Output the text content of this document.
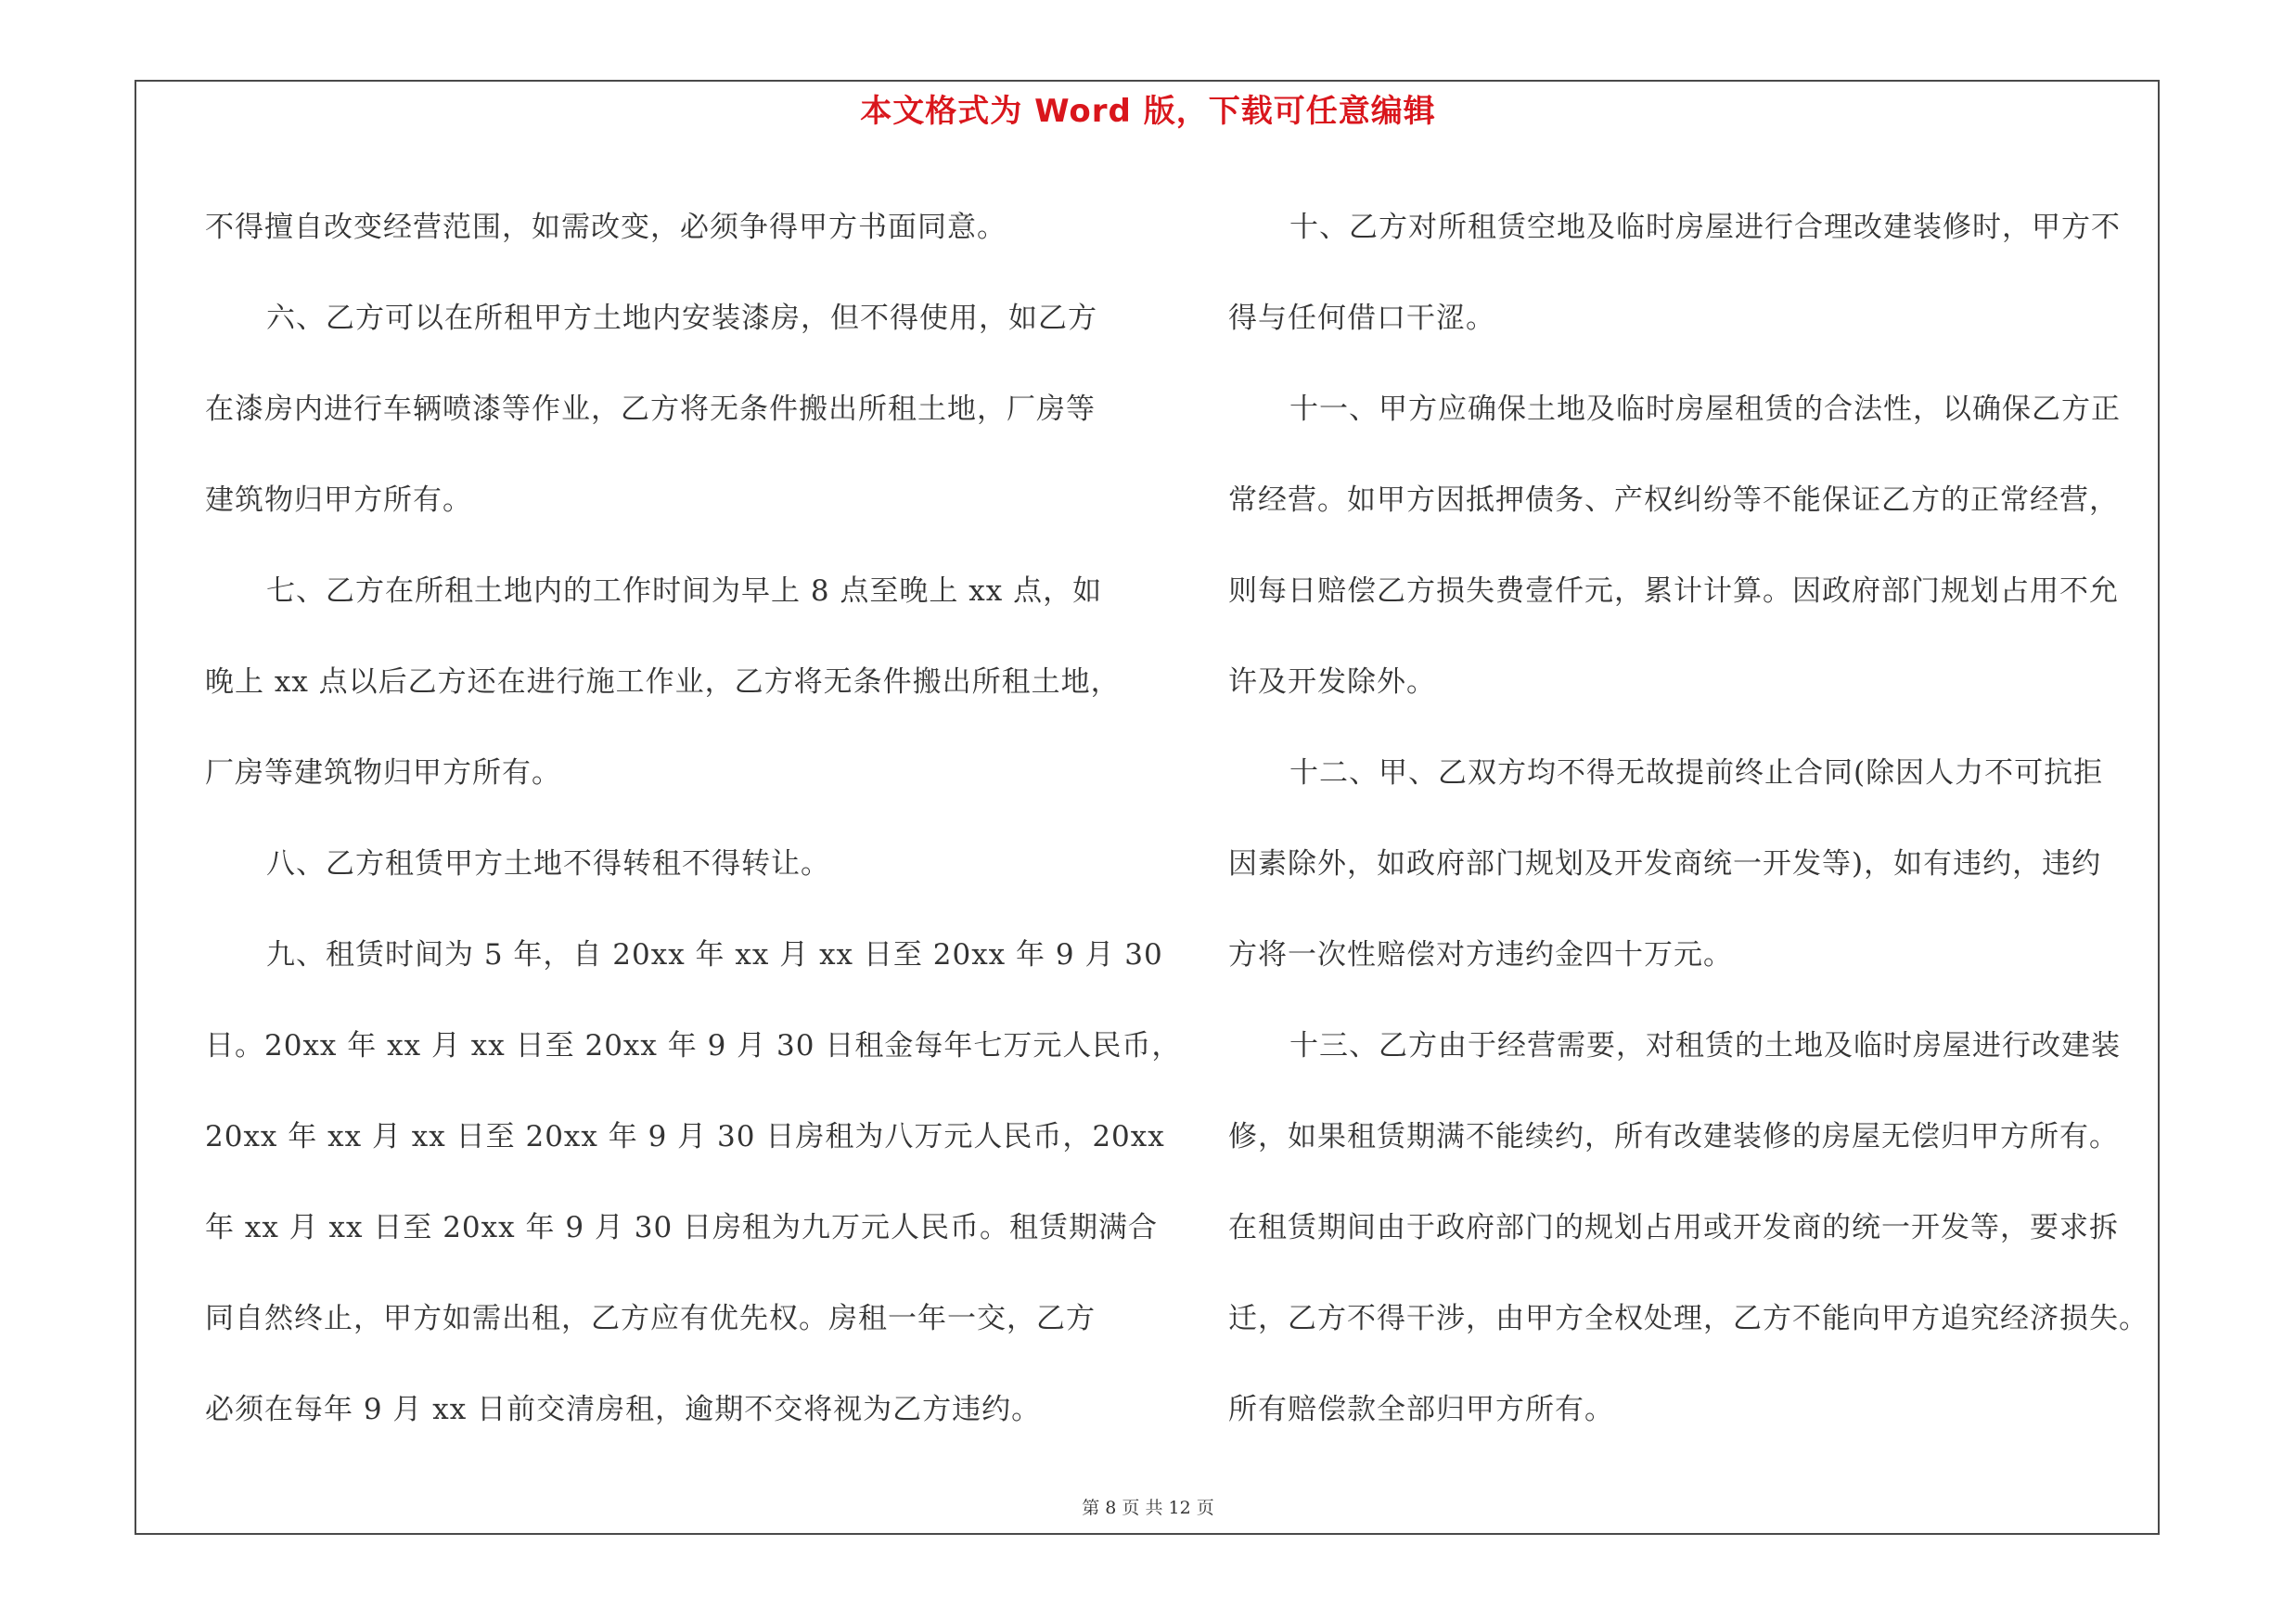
本文格式为 Word 版，下载可任意编辑
不得擅自改变经营范围，如需改变，必须争得甲方书面同意。
六、乙方可以在所租甲方土地内安装漆房，但不得使用，如乙方
在漆房内进行车辆喷漆等作业，乙方将无条件搬出所租土地，厂房等
建筑物归甲方所有。
七、乙方在所租土地内的工作时间为早上 8 点至晚上 xx 点，如
晚上 xx 点以后乙方还在进行施工作业，乙方将无条件搬出所租土地，
厂房等建筑物归甲方所有。
八、乙方租赁甲方土地不得转租不得转让。
九、租赁时间为 5 年，自 20xx 年 xx 月 xx 日至 20xx 年 9 月 30
日。20xx 年 xx 月 xx 日至 20xx 年 9 月 30 日租金每年七万元人民币，
20xx 年 xx 月 xx 日至 20xx 年 9 月 30 日房租为八万元人民币，20xx
年 xx 月 xx 日至 20xx 年 9 月 30 日房租为九万元人民币。租赁期满合
同自然终止，甲方如需出租，乙方应有优先权。房租一年一交，乙方
必须在每年 9 月 xx 日前交清房租，逾期不交将视为乙方违约。
十、乙方对所租赁空地及临时房屋进行合理改建装修时，甲方不
得与任何借口干涩。
十一、甲方应确保土地及临时房屋租赁的合法性，以确保乙方正
常经营。如甲方因抵押债务、产权纠纷等不能保证乙方的正常经营，
则每日赔偿乙方损失费壹仟元，累计计算。因政府部门规划占用不允
许及开发除外。
十二、甲、乙双方均不得无故提前终止合同(除因人力不可抗拒
因素除外，如政府部门规划及开发商统一开发等)，如有违约，违约
方将一次性赔偿对方违约金四十万元。
十三、乙方由于经营需要，对租赁的土地及临时房屋进行改建装
修，如果租赁期满不能续约，所有改建装修的房屋无偿归甲方所有。
在租赁期间由于政府部门的规划占用或开发商的统一开发等，要求拆
迁，乙方不得干涉，由甲方全权处理，乙方不能向甲方追究经济损失。
所有赔偿款全部归甲方所有。
第 8 页 共 12 页
